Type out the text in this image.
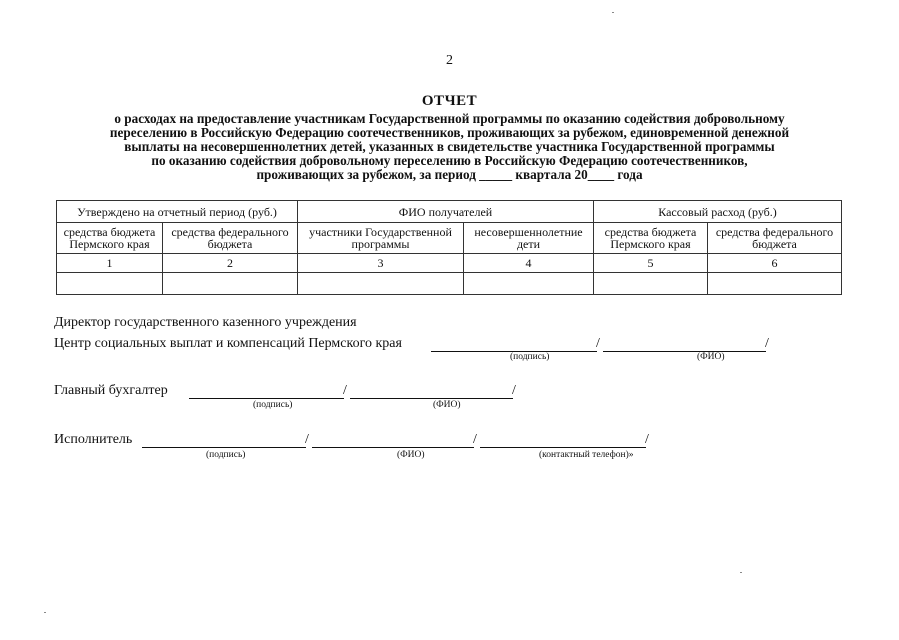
2
ОТЧЕТ
о расходах на предоставление участникам Государственной программы по оказанию содействия добровольному
переселению в Российскую Федерацию соотечественников, проживающих за рубежом, единовременной денежной
выплаты на несовершеннолетних детей, указанных в свидетельстве участника Государственной программы
по оказанию содействия добровольному переселению в Российскую Федерацию соотечественников,
проживающих за рубежом, за период _____ квартала 20____ года
Утверждено на отчетный период (руб.)		ФИО получателей		Кассовый расход (руб.)	
средства бюджета Пермского края	средства федерального бюджета	участники Государственной программы	несовершеннолетние дети	средства бюджета Пермского края	средства федерального бюджета
1	2	3	4	5	6

Директор государственного казенного учреждения
Центр социальных выплат и компенсаций Пермского края	/	/
(подпись)	(ФИО)
Главный бухгалтер	/	/
(подпись)	(ФИО)
Исполнитель	/	/	/
(подпись)	(ФИО)	(контактный телефон)»
